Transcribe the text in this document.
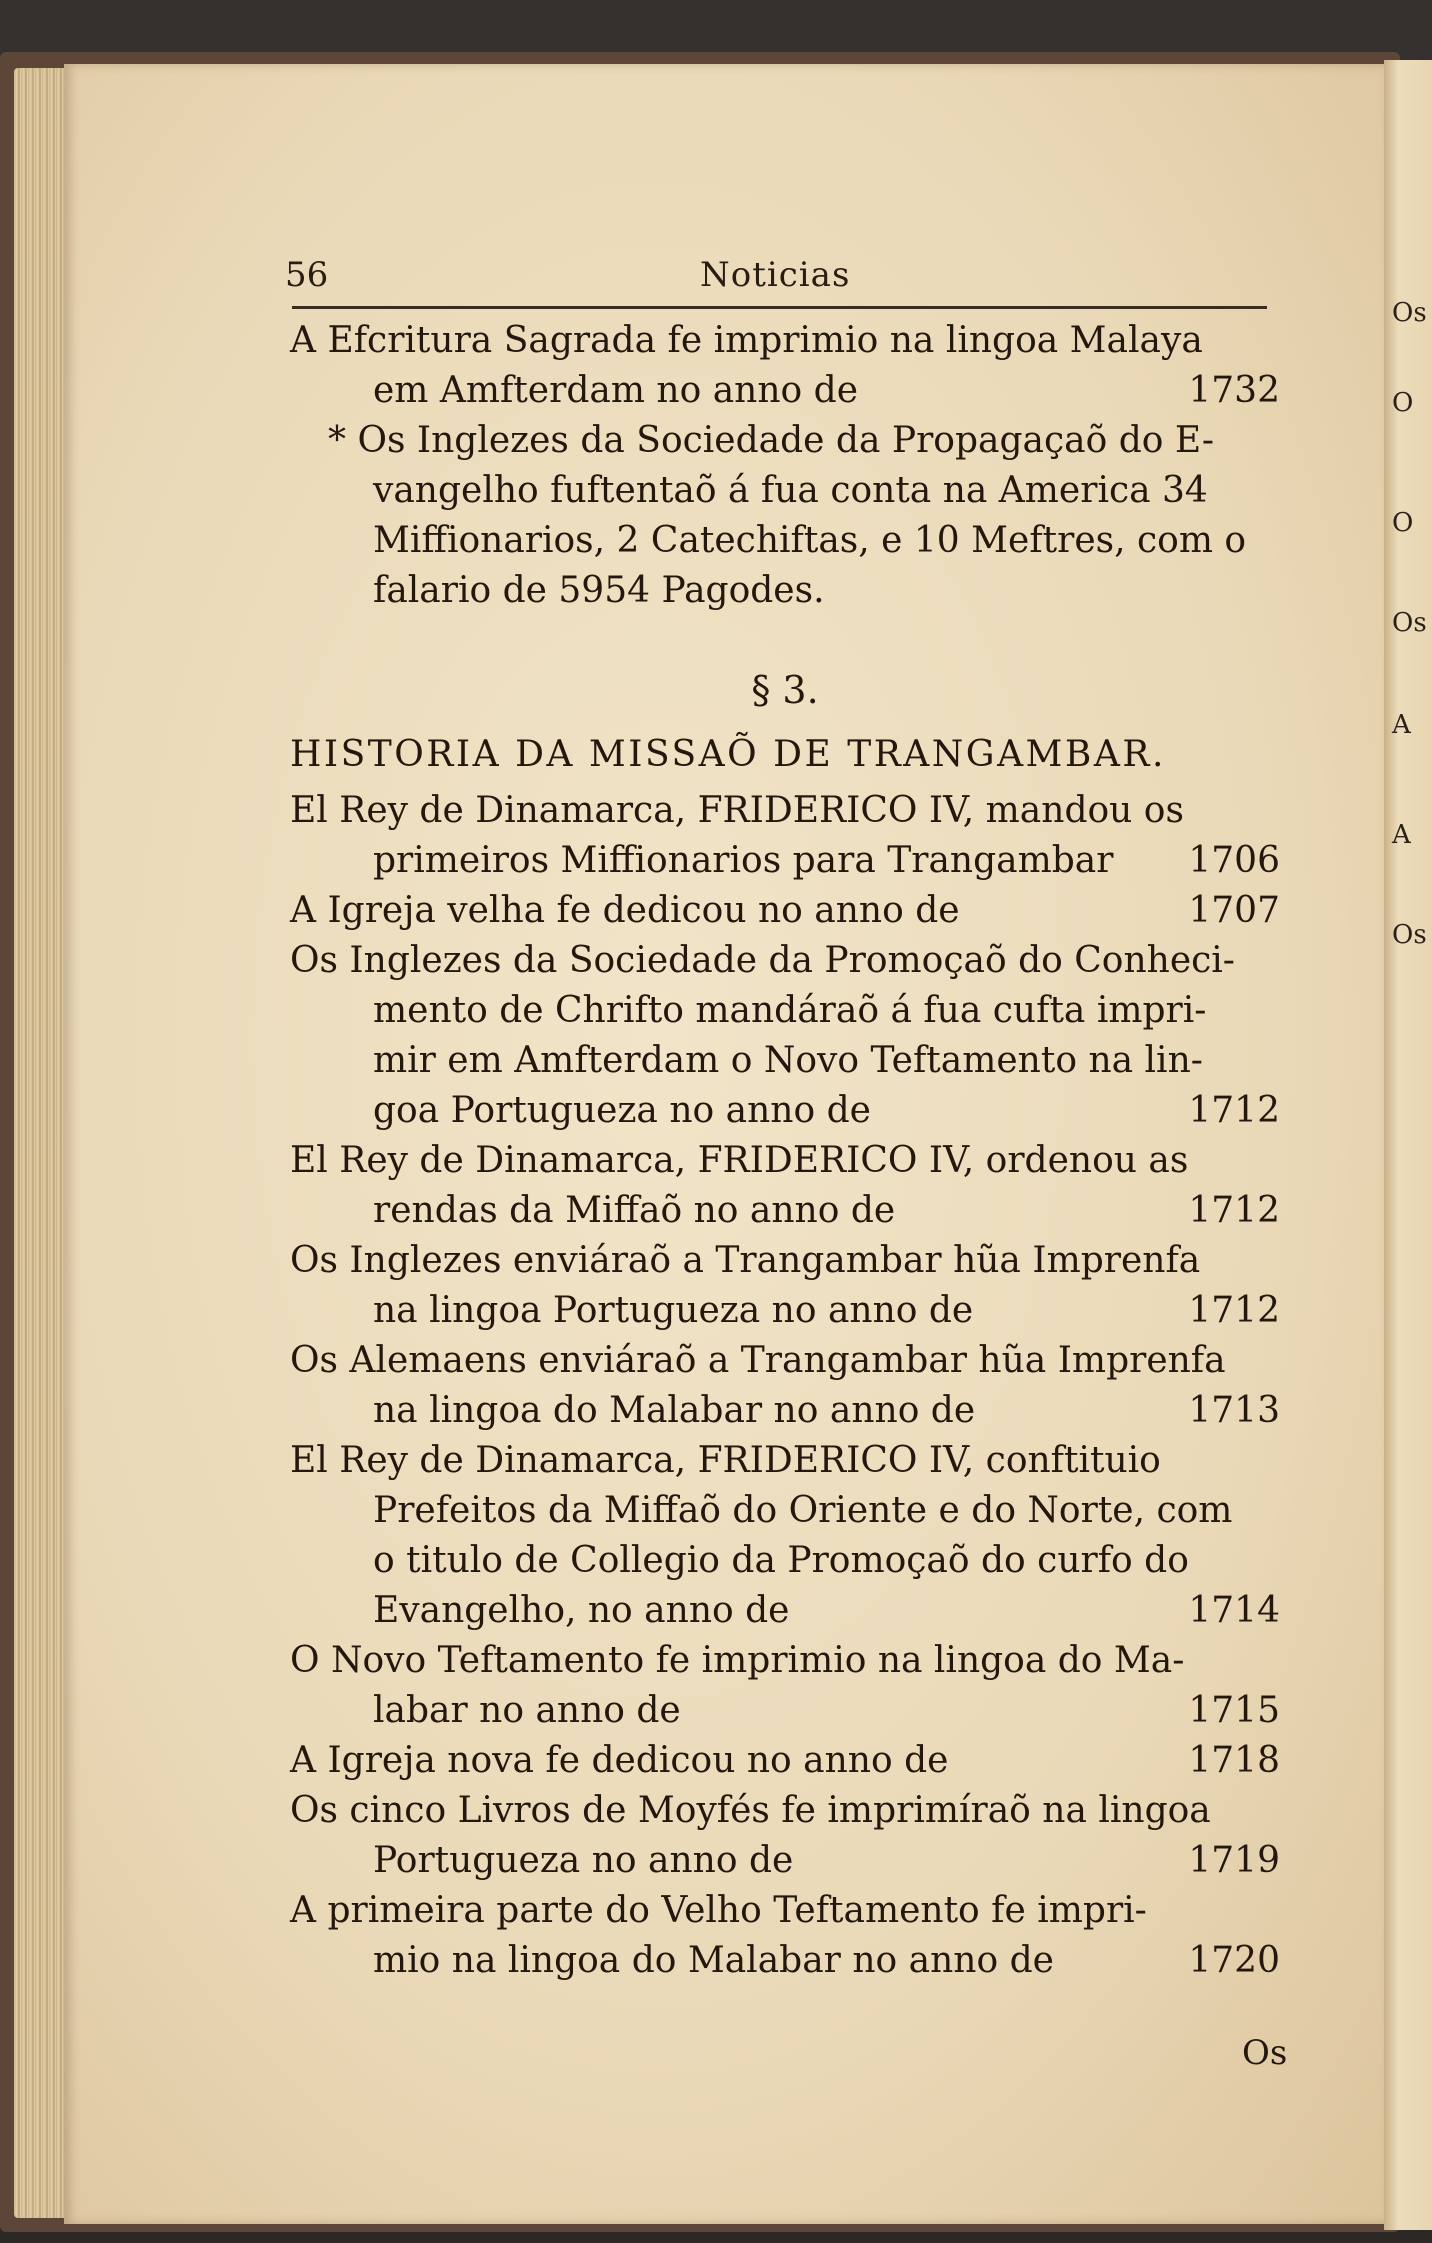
Os
O
O
Os
A
A
Os
56	Noticias

A Efcritura Sagrada fe imprimio na lingoa Malaya
em Amfterdam no anno de	1732

* Os Inglezes da Sociedade da Propagaçaõ do E-
vangelho fuftentaõ á fua conta na America 34
Miffionarios, 2 Catechiftas, e 10 Meftres, com o
falario de 5954 Pagodes.

§ 3.
HISTORIA DA MISSAÕ DE TRANGAMBAR.

El Rey de Dinamarca, FRIDERICO IV, mandou os
primeiros Miffionarios para Trangambar 1706

A Igreja velha fe dedicou no anno de	1707

Os Inglezes da Sociedade da Promoçaõ do Conheci-
mento de Chrifto mandáraõ á fua cufta impri-
mir em Amfterdam o Novo Teftamento na lin-
goa Portugueza no anno de	1712

El Rey de Dinamarca, FRIDERICO IV, ordenou as
rendas da Miffaõ no anno de	1712

Os Inglezes enviáraõ a Trangambar hũa Imprenfa
na lingoa Portugueza no anno de	1712

Os Alemaens enviáraõ a Trangambar hũa Imprenfa
na lingoa do Malabar no anno de	1713

El Rey de Dinamarca, FRIDERICO IV, conftituio
Prefeitos da Miffaõ do Oriente e do Norte, com
o titulo de Collegio da Promoçaõ do curfo do
Evangelho, no anno de	1714

O Novo Teftamento fe imprimio na lingoa do Ma-
labar no anno de	1715

A Igreja nova fe dedicou no anno de	1718

Os cinco Livros de Moyfés fe imprimíraõ na lingoa
Portugueza no anno de	1719

A primeira parte do Velho Teftamento fe impri-
mio na lingoa do Malabar no anno de	1720

Os
